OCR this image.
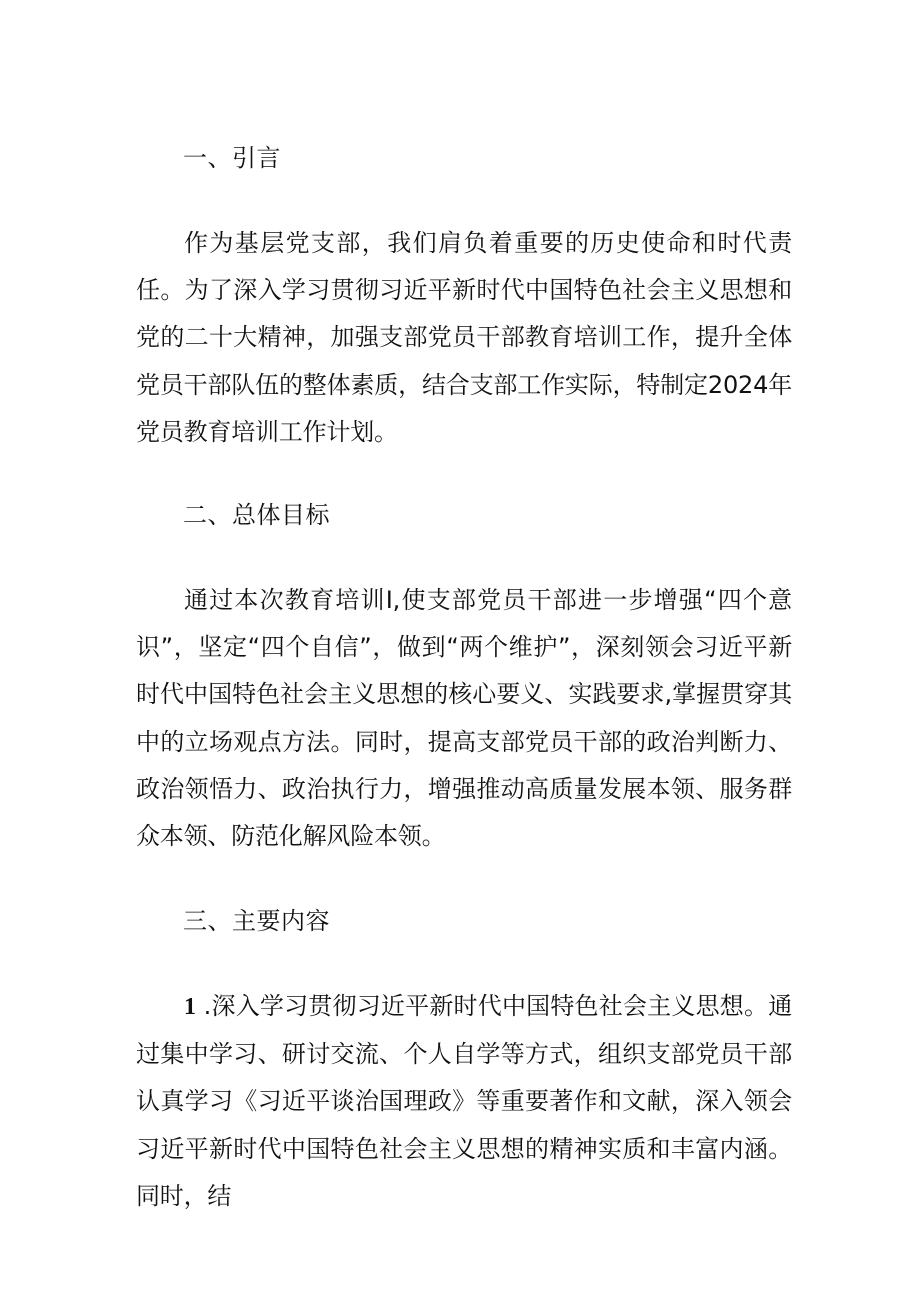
一、引言

作为基层党支部，我们肩负着重要的历史使命和时代责任。为了深入学习贯彻习近平新时代中国特色社会主义思想和党的二十大精神，加强支部党员干部教育培训工作，提升全体党员干部队伍的整体素质，结合支部工作实际，特制定2024年党员教育培训工作计划。

二、总体目标

通过本次教育培训I,使支部党员干部进一步增强“四个意识”，坚定“四个自信”，做到“两个维护”，深刻领会习近平新时代中国特色社会主义思想的核心要义、实践要求,掌握贯穿其中的立场观点方法。同时，提高支部党员干部的政治判断力、政治领悟力、政治执行力，增强推动高质量发展本领、服务群众本领、防范化解风险本领。

三、主要内容

1 .深入学习贯彻习近平新时代中国特色社会主义思想。通过集中学习、研讨交流、个人自学等方式，组织支部党员干部认真学习《习近平谈治国理政》等重要著作和文献，深入领会习近平新时代中国特色社会主义思想的精神实质和丰富内涵。同时，结
